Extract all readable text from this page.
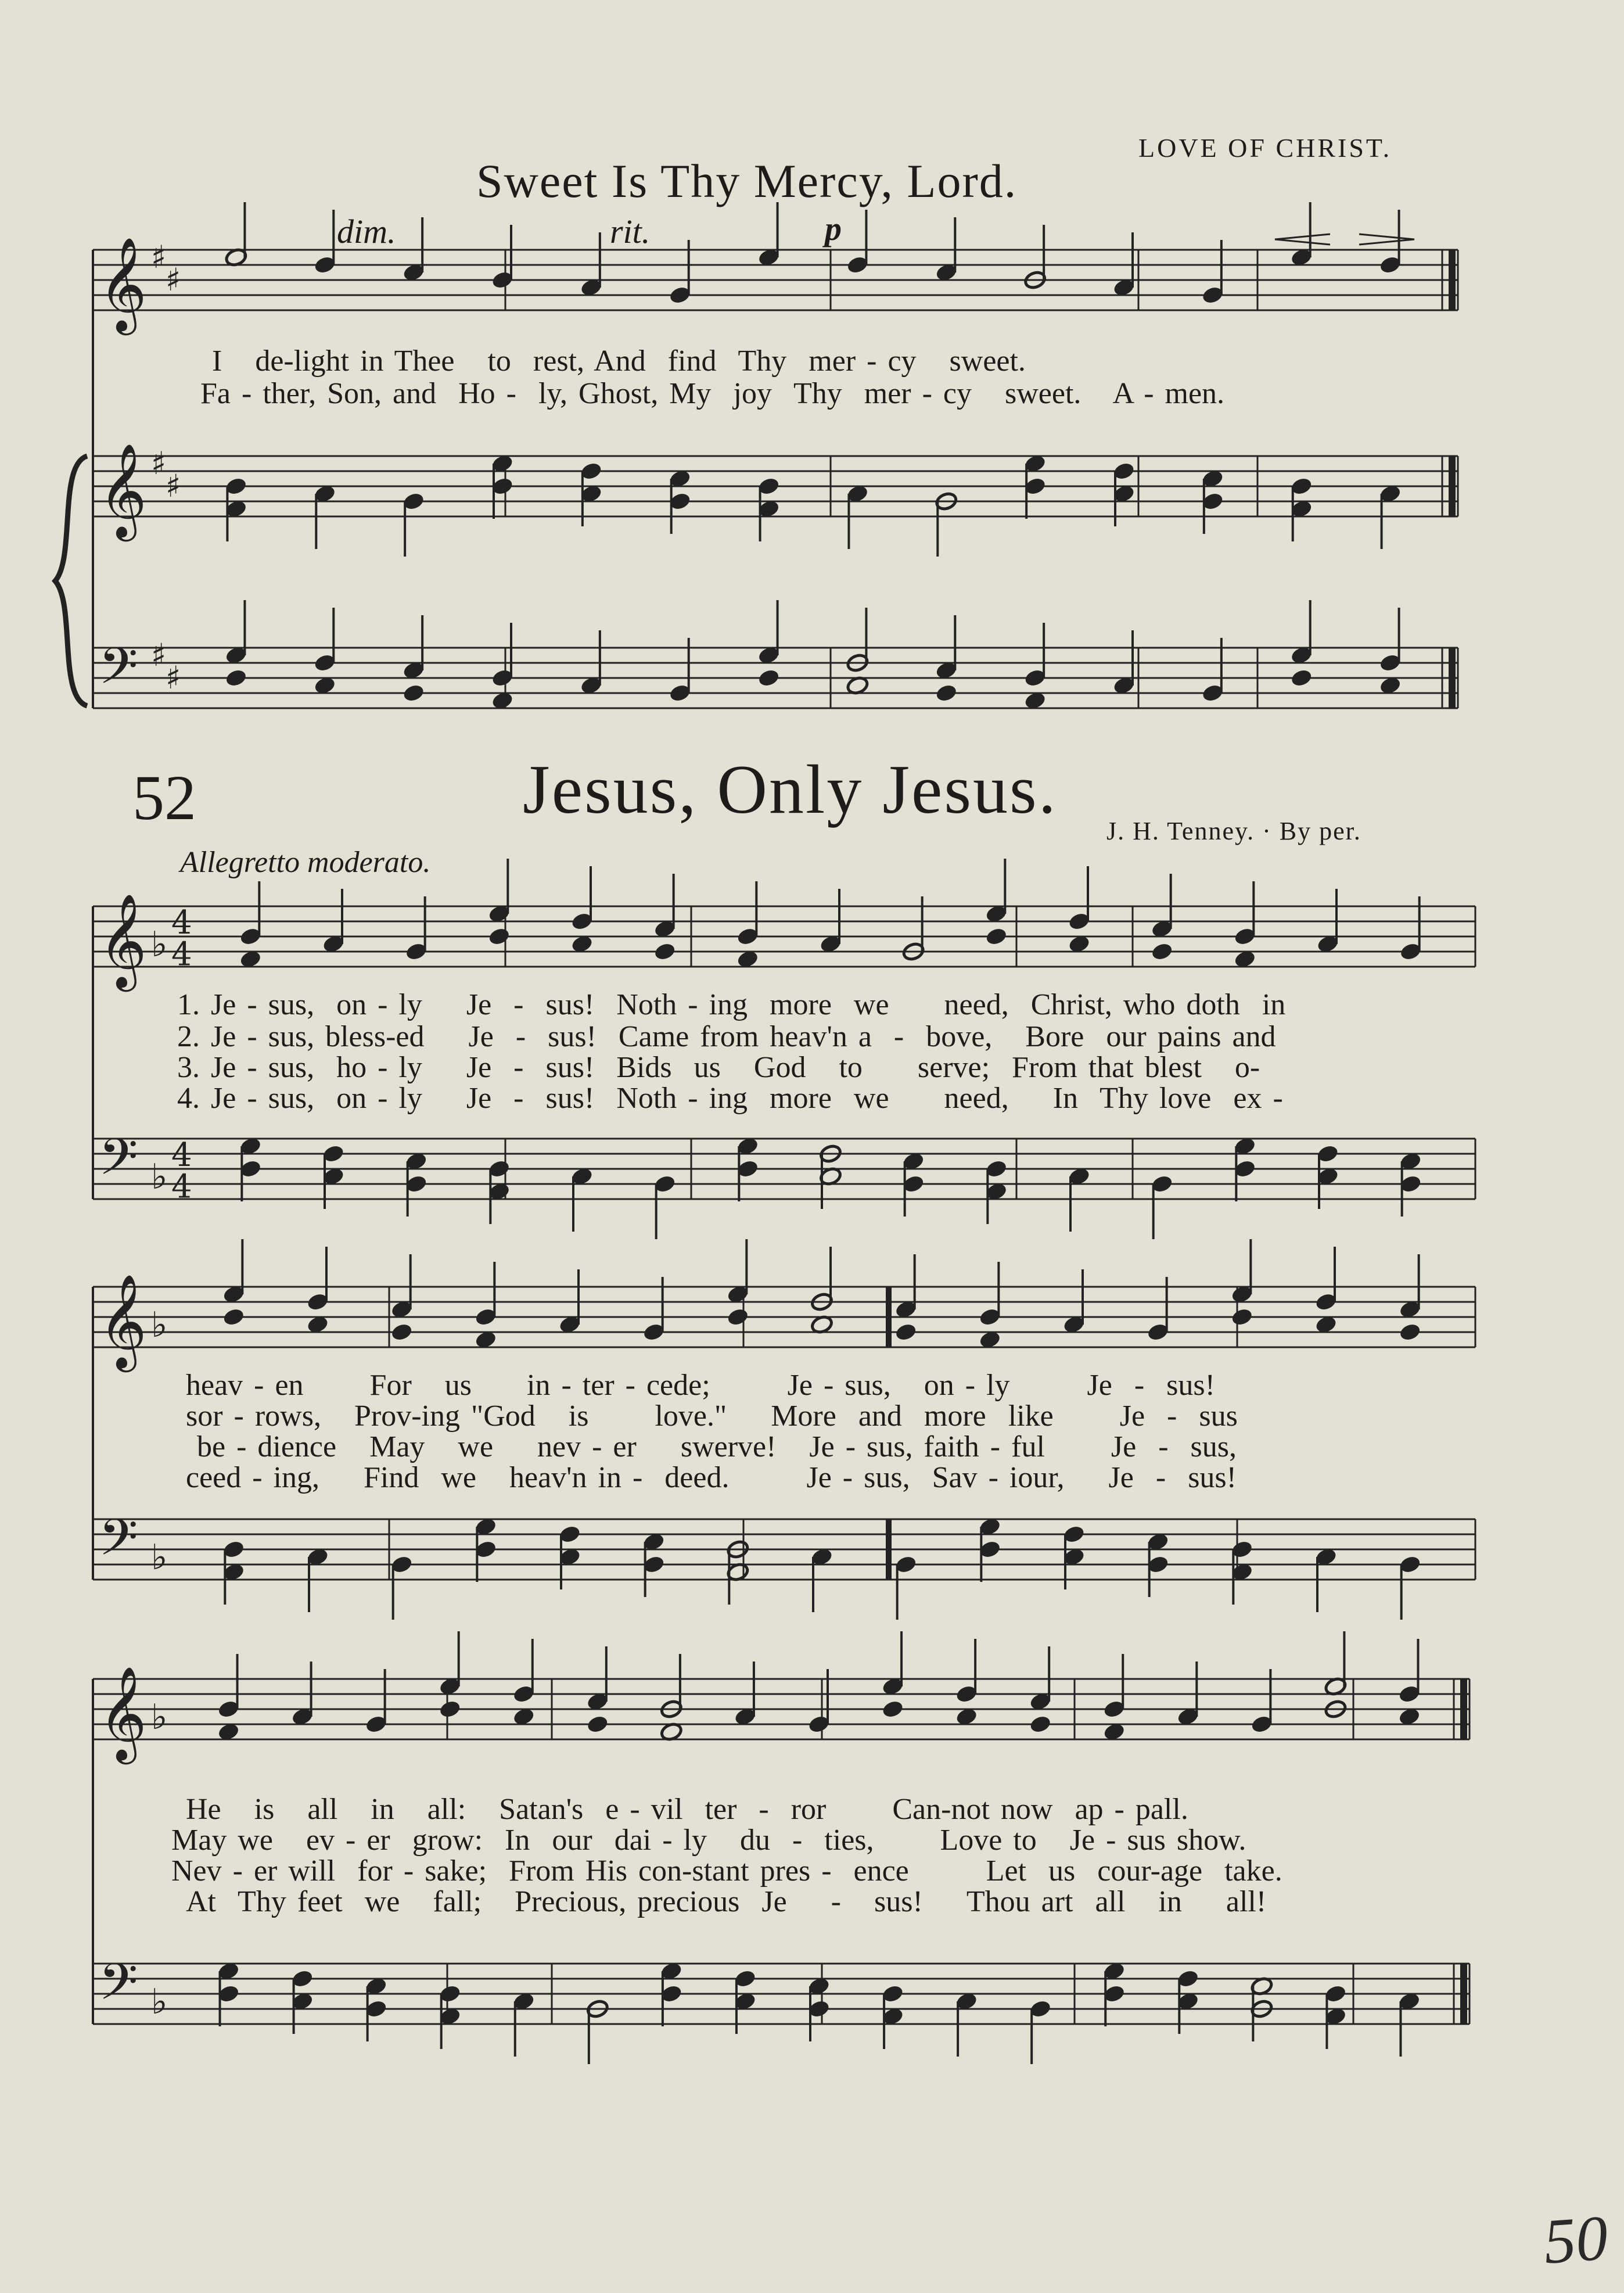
LOVE OF CHRIST.
Sweet Is Thy Mercy, Lord.
dim.	rit.	p
I   de-light in Thee   to  rest, And  find  Thy  mer - cy   sweet.
Fa - ther, Son, and  Ho -  ly, Ghost, My  joy  Thy  mer - cy   sweet.   A - men.
52	Jesus, Only Jesus.
J. H. Tenney. · By per.
Allegretto moderato.
1. Je - sus,  on - ly    Je  -  sus!  Noth - ing  more  we     need,  Christ, who doth  in
2. Je - sus, bless-ed    Je  -  sus!  Came from heav'n a  -  bove,   Bore  our pains and
3. Je - sus,  ho - ly    Je  -  sus!  Bids  us   God   to     serve;  From that blest   o-
4. Je - sus,  on - ly    Je  -  sus!  Noth - ing  more  we     need,    In  Thy love  ex -
heav - en      For   us     in - ter - cede;       Je - sus,   on - ly       Je  -  sus!
sor - rows,   Prov-ing "God   is      love."    More  and  more  like      Je  -  sus
be - dience   May   we    nev - er    swerve!   Je - sus, faith - ful      Je  -  sus,
ceed - ing,    Find  we   heav'n in -  deed.       Je - sus,  Sav - iour,    Je  -  sus!
He   is   all   in   all:   Satan's  e - vil  ter  -  ror      Can-not now  ap - pall.
May we   ev - er  grow:  In  our  dai - ly   du  -  ties,      Love to   Je - sus show.
Nev - er will  for - sake;  From His con-stant pres -  ence       Let  us  cour-age  take.
At  Thy feet  we   fall;   Precious, precious  Je    -   sus!    Thou art  all   in    all!
50
𝄞 ♯
♯
𝄞 ♯
♯
𝄢 ♯
♯
𝄞 ♭
4
4
𝄢 ♭
4
4
𝄞 ♭
𝄢 ♭
𝄞 ♭
𝄢 ♭
